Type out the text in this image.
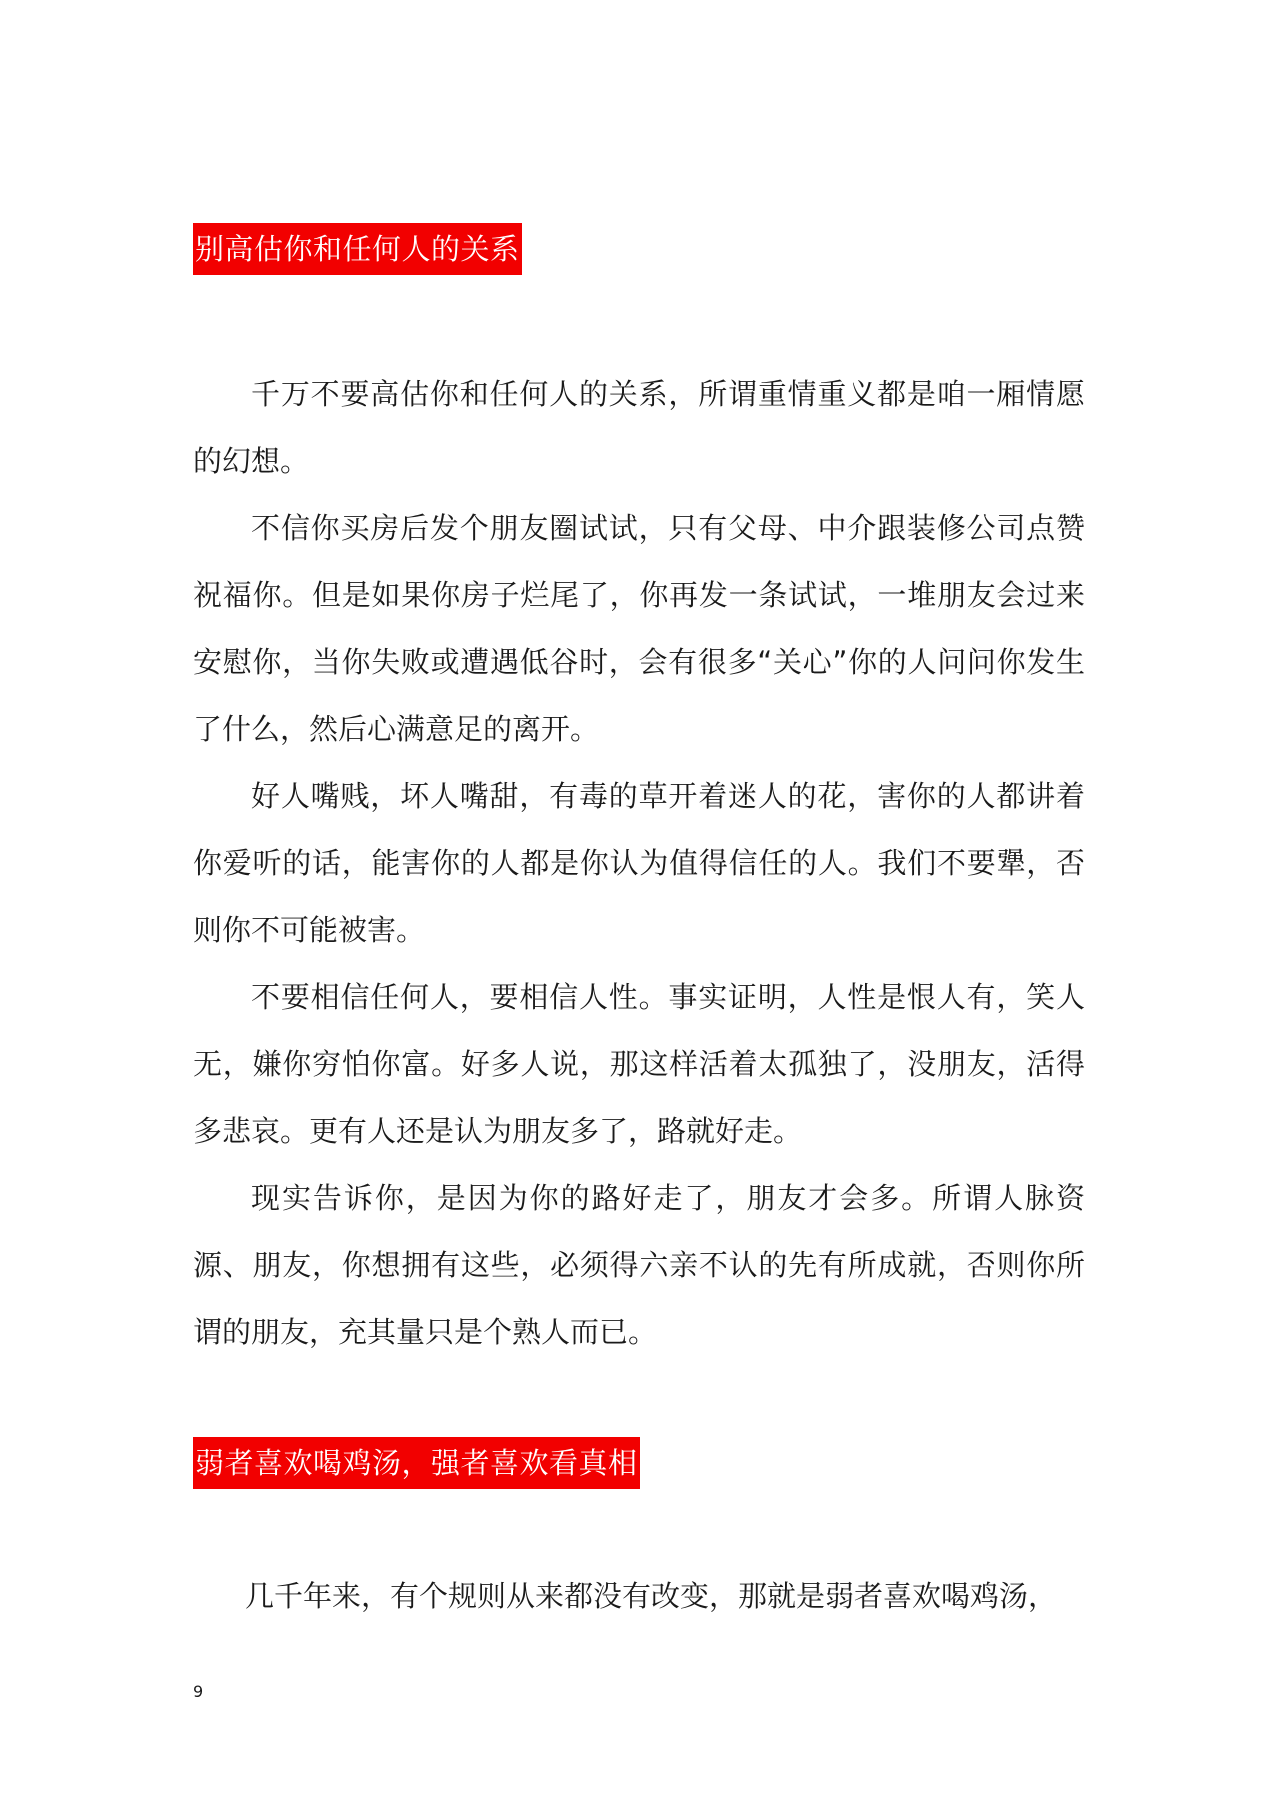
别高估你和任何人的关系

千万不要高估你和任何人的关系，所谓重情重义都是咱一厢情愿的幻想。

不信你买房后发个朋友圈试试，只有父母、中介跟装修公司点赞祝福你。但是如果你房子烂尾了，你再发一条试试，一堆朋友会过来安慰你，当你失败或遭遇低谷时，会有很多“关心”你的人问问你发生了什么，然后心满意足的离开。

好人嘴贱，坏人嘴甜，有毒的草开着迷人的花，害你的人都讲着你爱听的话，能害你的人都是你认为值得信任的人。我们不要犟，否则你不可能被害。

不要相信任何人，要相信人性。事实证明，人性是恨人有，笑人无，嫌你穷怕你富。好多人说，那这样活着太孤独了，没朋友，活得多悲哀。更有人还是认为朋友多了，路就好走。

现实告诉你，是因为你的路好走了，朋友才会多。所谓人脉资源、朋友，你想拥有这些，必须得六亲不认的先有所成就，否则你所谓的朋友，充其量只是个熟人而已。

弱者喜欢喝鸡汤，强者喜欢看真相

几千年来，有个规则从来都没有改变，那就是弱者喜欢喝鸡汤，

9
